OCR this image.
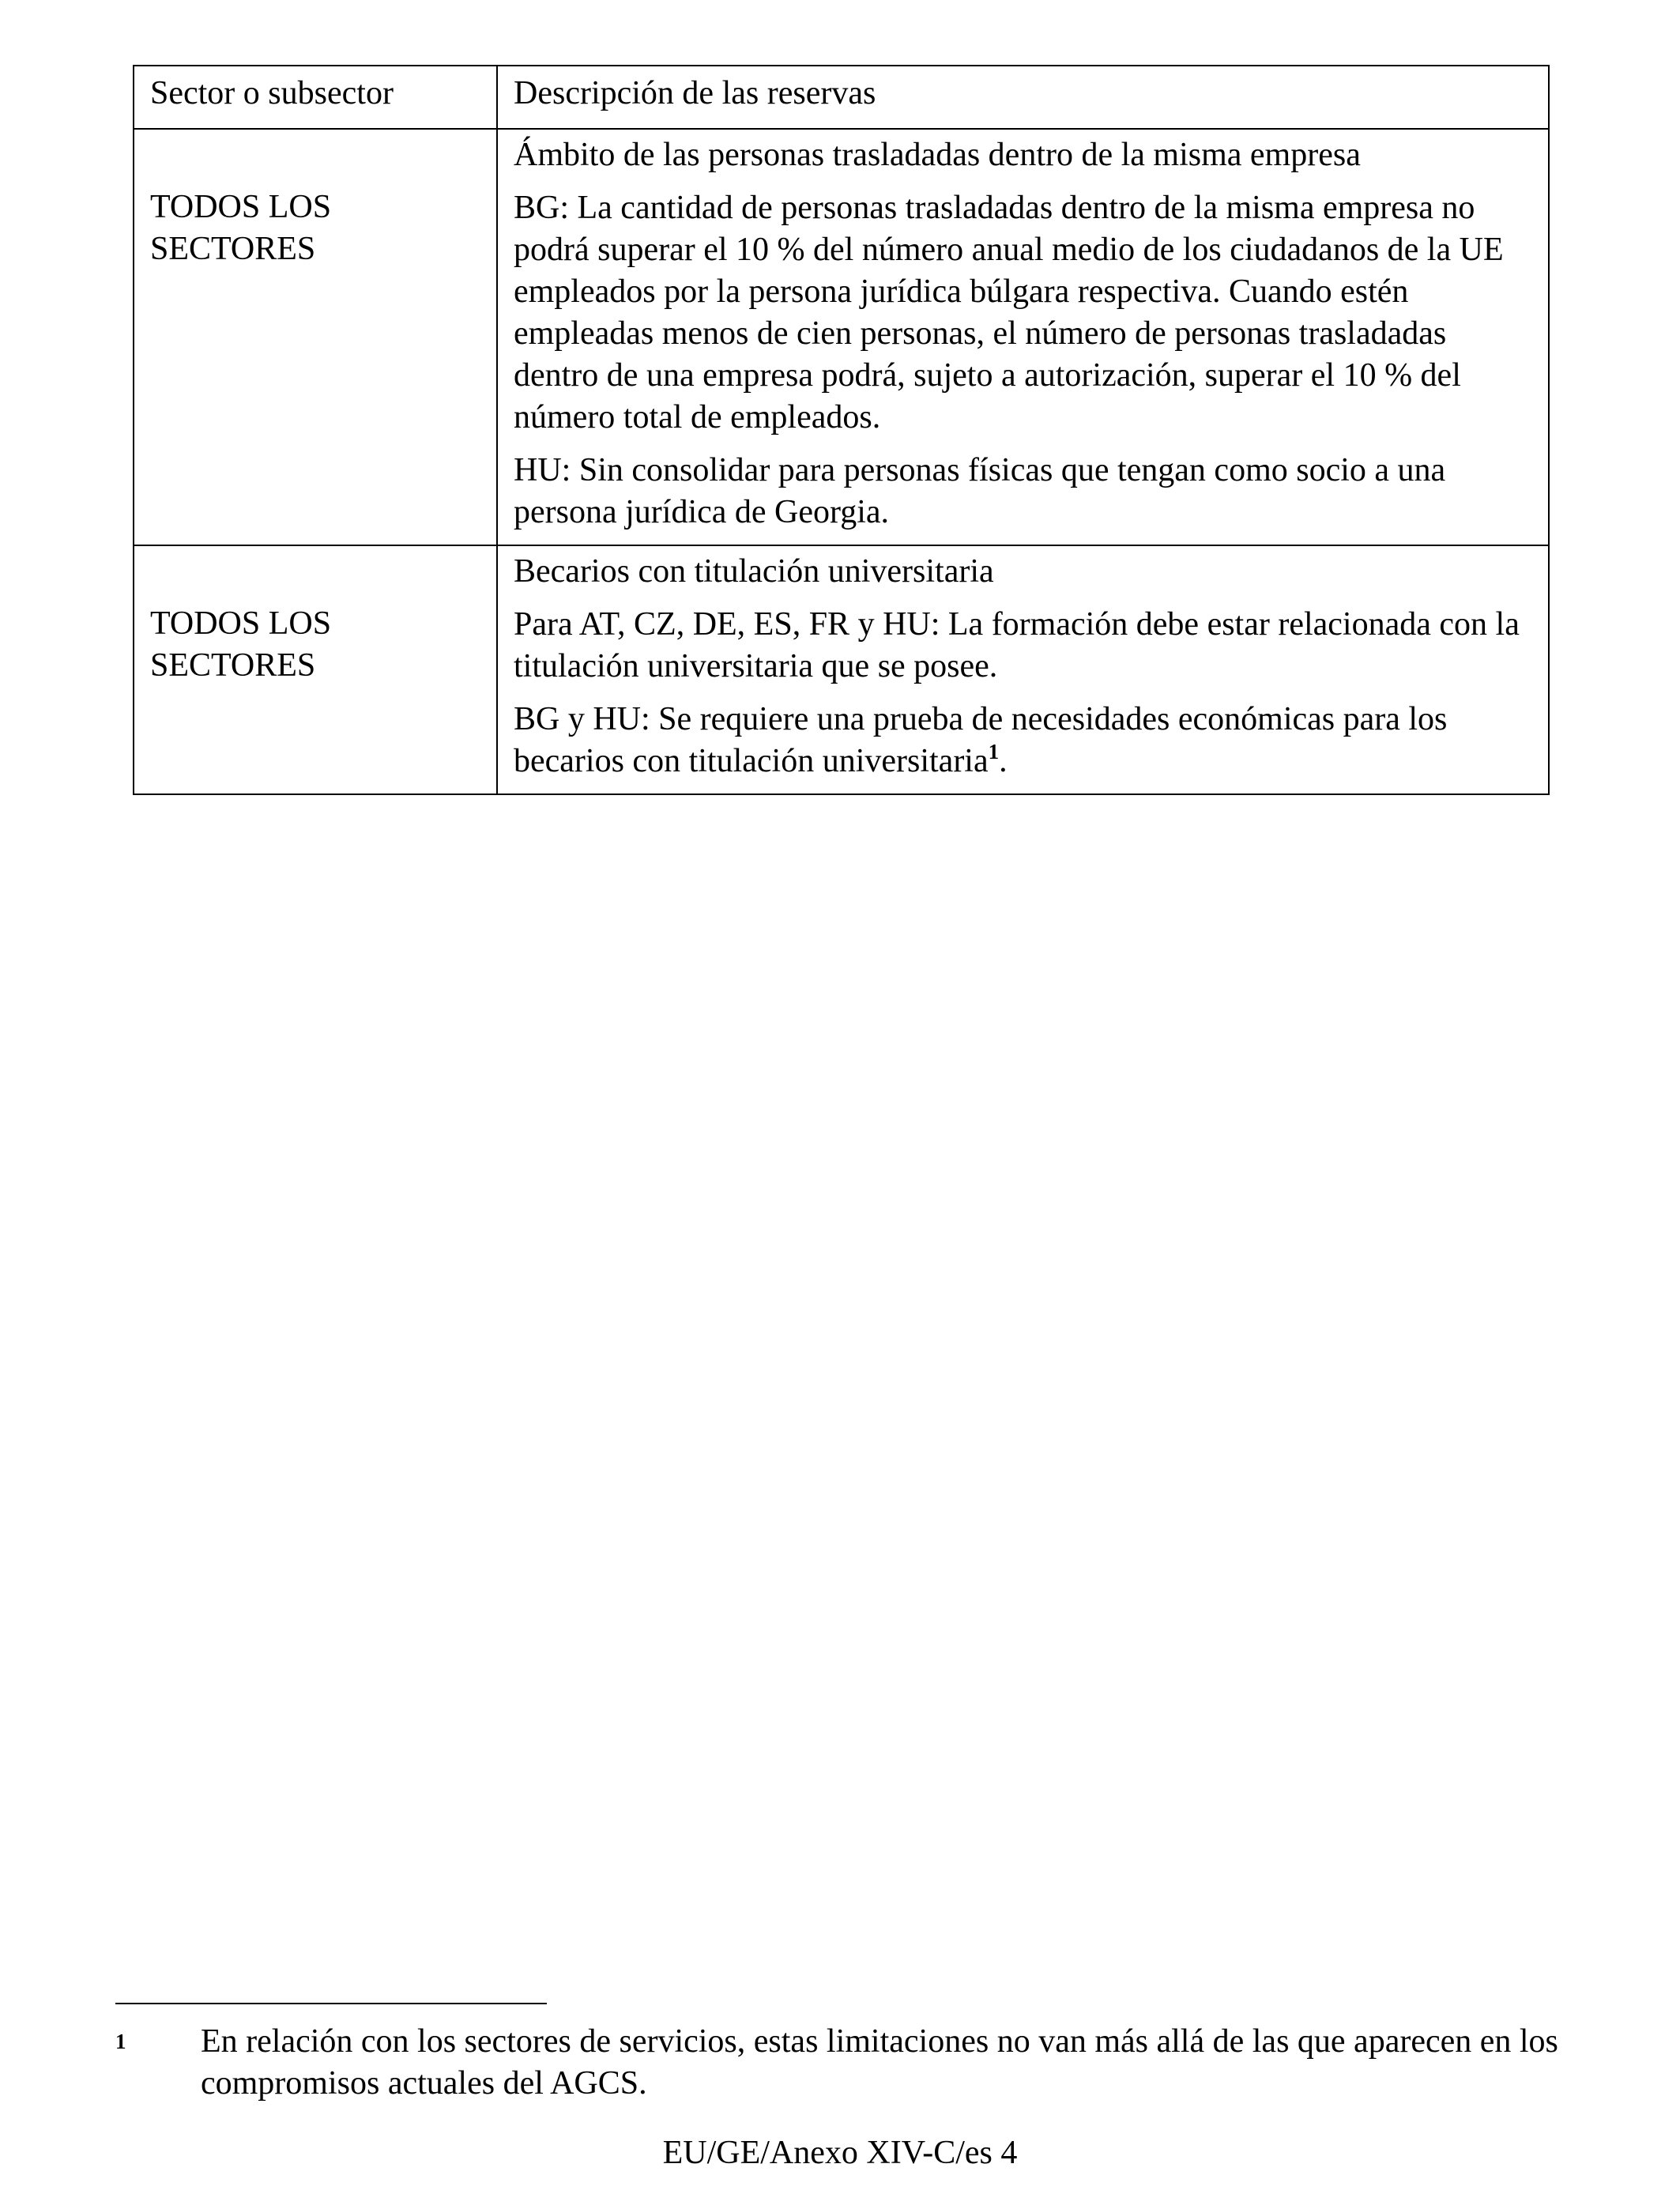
Sector o subsector	Descripción de las reservas

TODOS LOS SECTORES	Ámbito de las personas trasladadas dentro de la misma empresa

BG: La cantidad de personas trasladadas dentro de la misma empresa no podrá superar el 10 % del número anual medio de los ciudadanos de la UE empleados por la persona jurídica búlgara respectiva. Cuando estén empleadas menos de cien personas, el número de personas trasladadas dentro de una empresa podrá, sujeto a autorización, superar el 10 % del número total de empleados.

HU: Sin consolidar para personas físicas que tengan como socio a una persona jurídica de Georgia.

TODOS LOS SECTORES	Becarios con titulación universitaria

Para AT, CZ, DE, ES, FR y HU: La formación debe estar relacionada con la titulación universitaria que se posee.

BG y HU: Se requiere una prueba de necesidades económicas para los becarios con titulación universitaria$^1$.

1 En relación con los sectores de servicios, estas limitaciones no van más allá de las que aparecen en los compromisos actuales del AGCS.
EU/GE/Anexo XIV-C/es 4
